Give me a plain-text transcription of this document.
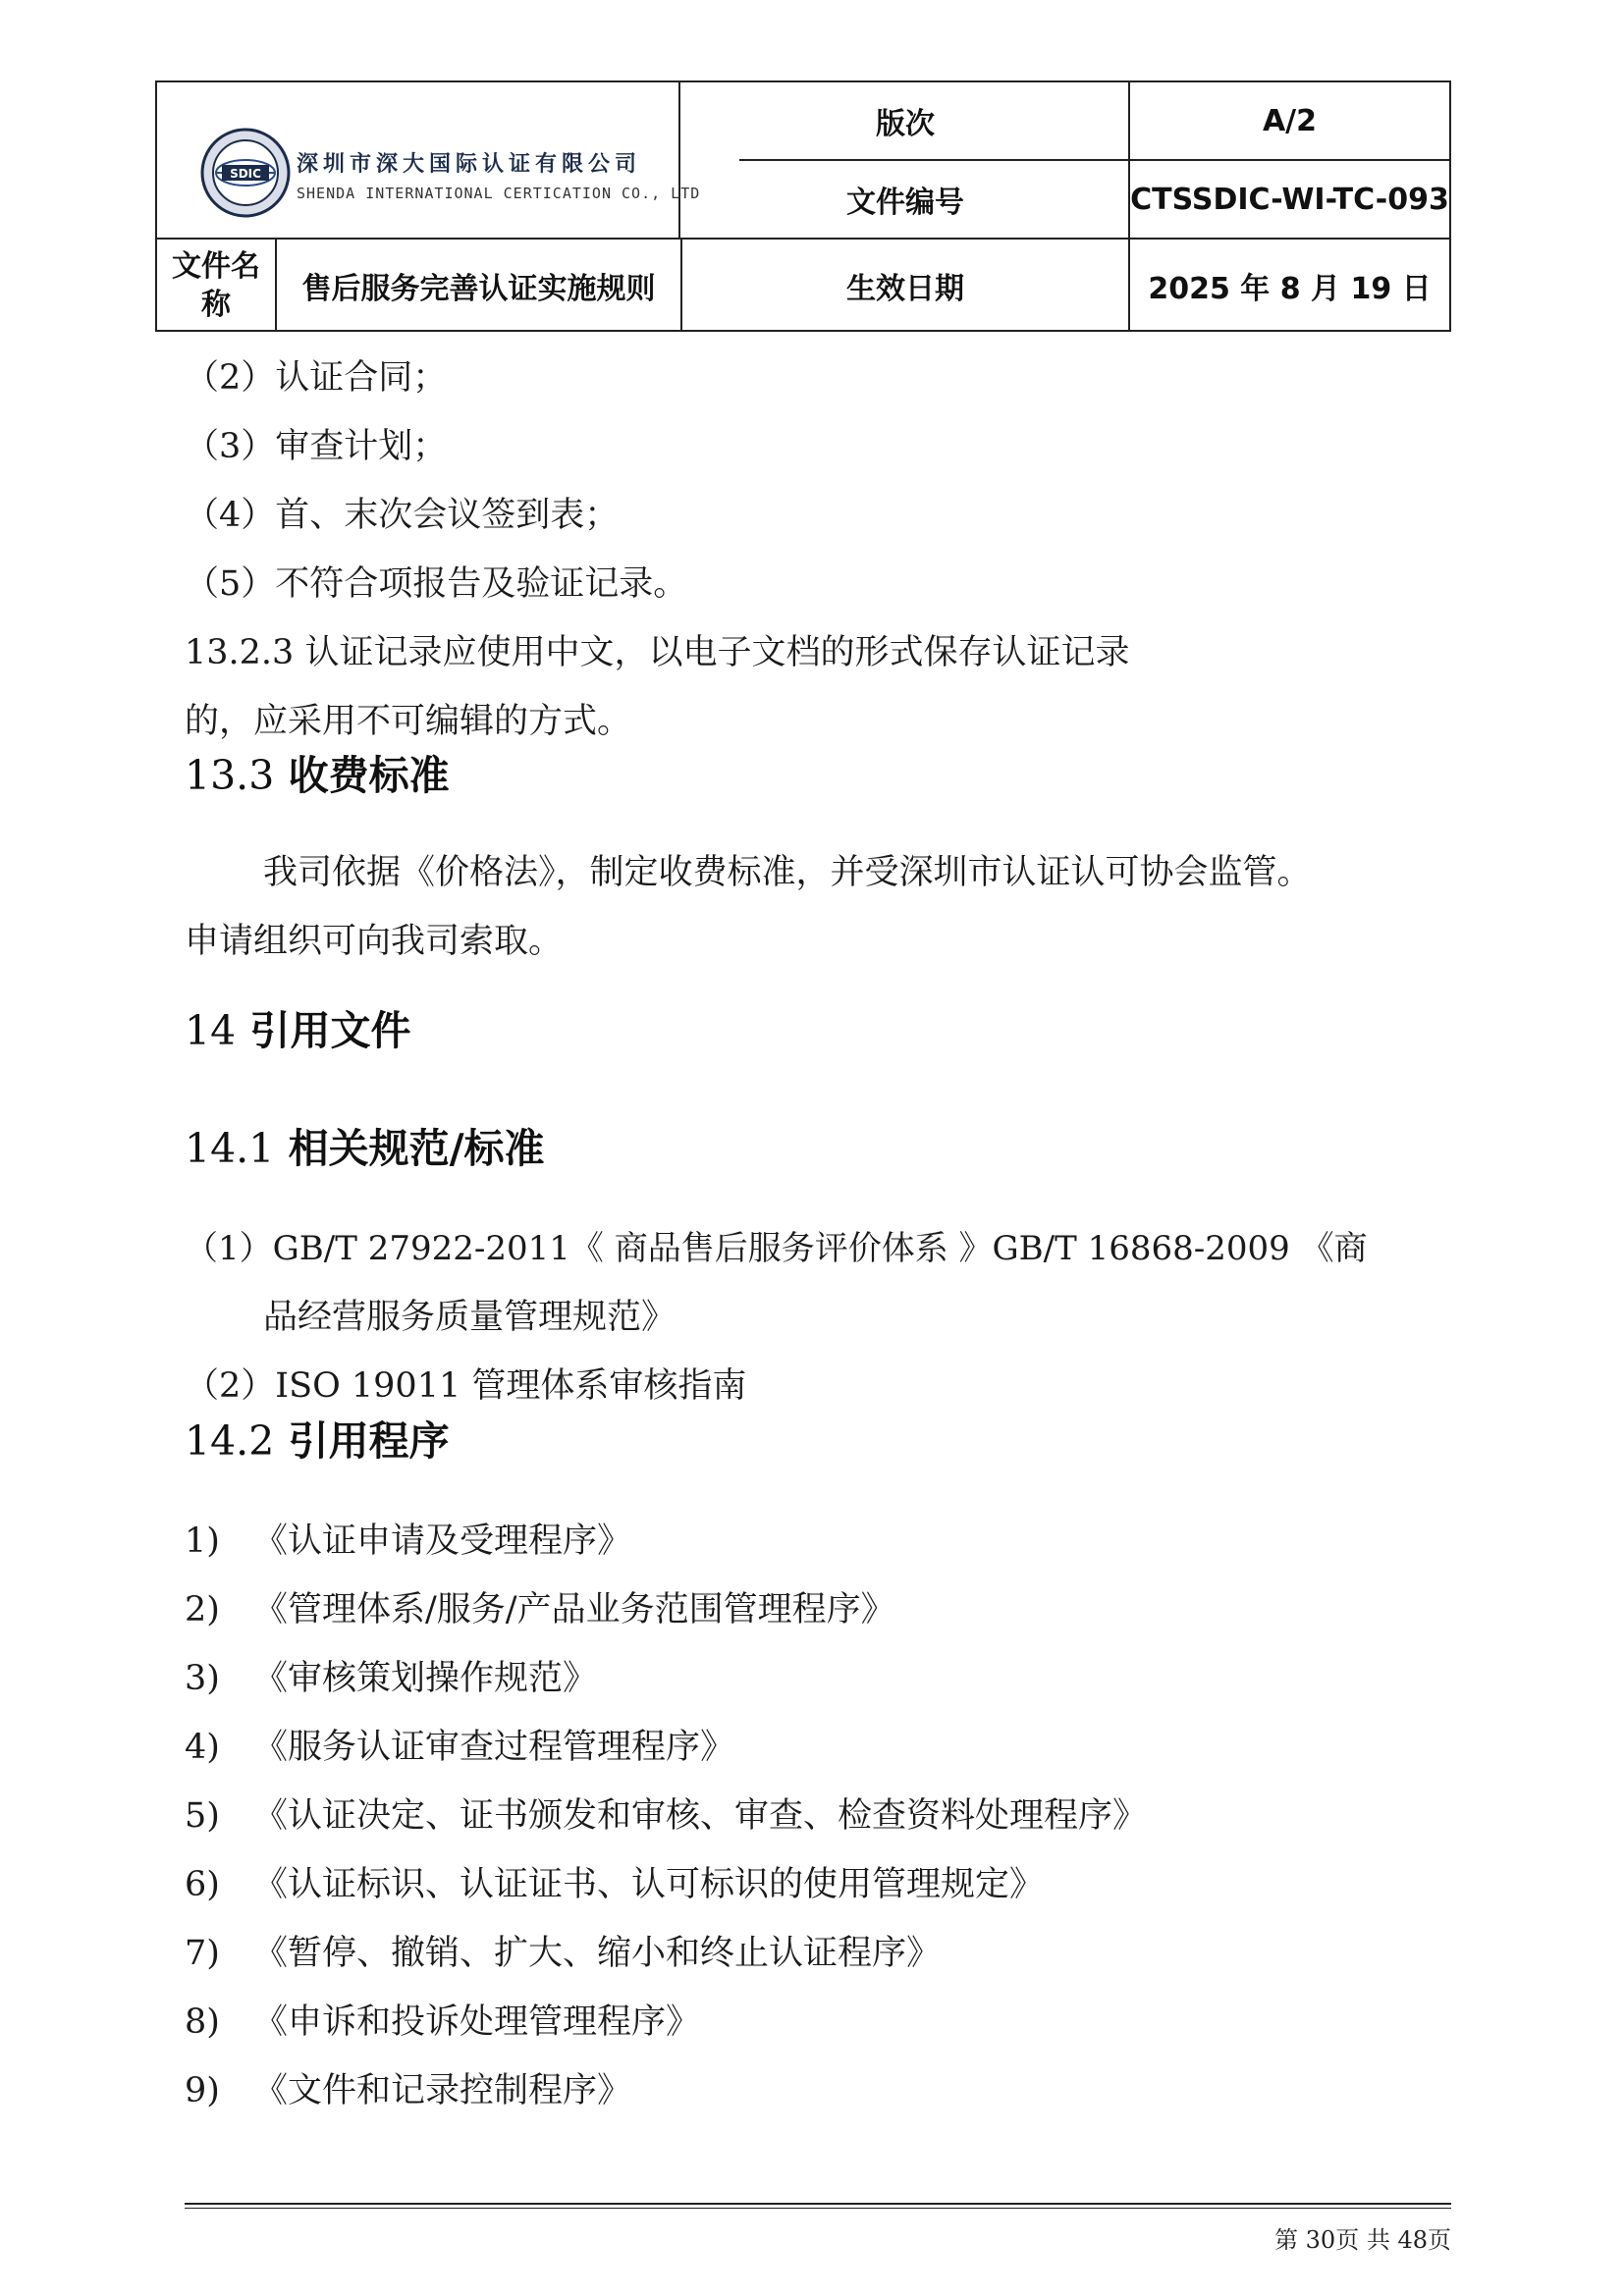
SDIC 深圳市深大国际认证有限公司
SHENDA INTERNATIONAL CERTICATION CO., LTD
版次	A/2
文件编号	CTSSDIC-WI-TC-093
文件名
称	售后服务完善认证实施规则	生效日期	2025 年 8 月 19 日
（2）认证合同；
（3）审查计划；
（4）首、末次会议签到表；
（5）不符合项报告及验证记录。
13.2.3 认证记录应使用中文，以电子文档的形式保存认证记录
的，应采用不可编辑的方式。
13.3 收费标准
我司依据《价格法》，制定收费标准，并受深圳市认证认可协会监管。
申请组织可向我司索取。
14 引用文件
14.1 相关规范/标准
（1）GB/T 27922-2011《 商品售后服务评价体系 》GB/T 16868-2009 《商
品经营服务质量管理规范》
（2）ISO 19011 管理体系审核指南
14.2 引用程序
1) 《认证申请及受理程序》
2) 《管理体系/服务/产品业务范围管理程序》
3) 《审核策划操作规范》
4) 《服务认证审查过程管理程序》
5) 《认证决定、证书颁发和审核、审查、检查资料处理程序》
6) 《认证标识、认证证书、认可标识的使用管理规定》
7) 《暂停、撤销、扩大、缩小和终止认证程序》
8) 《申诉和投诉处理管理程序》
9) 《文件和记录控制程序》
第 30页 共 48页
